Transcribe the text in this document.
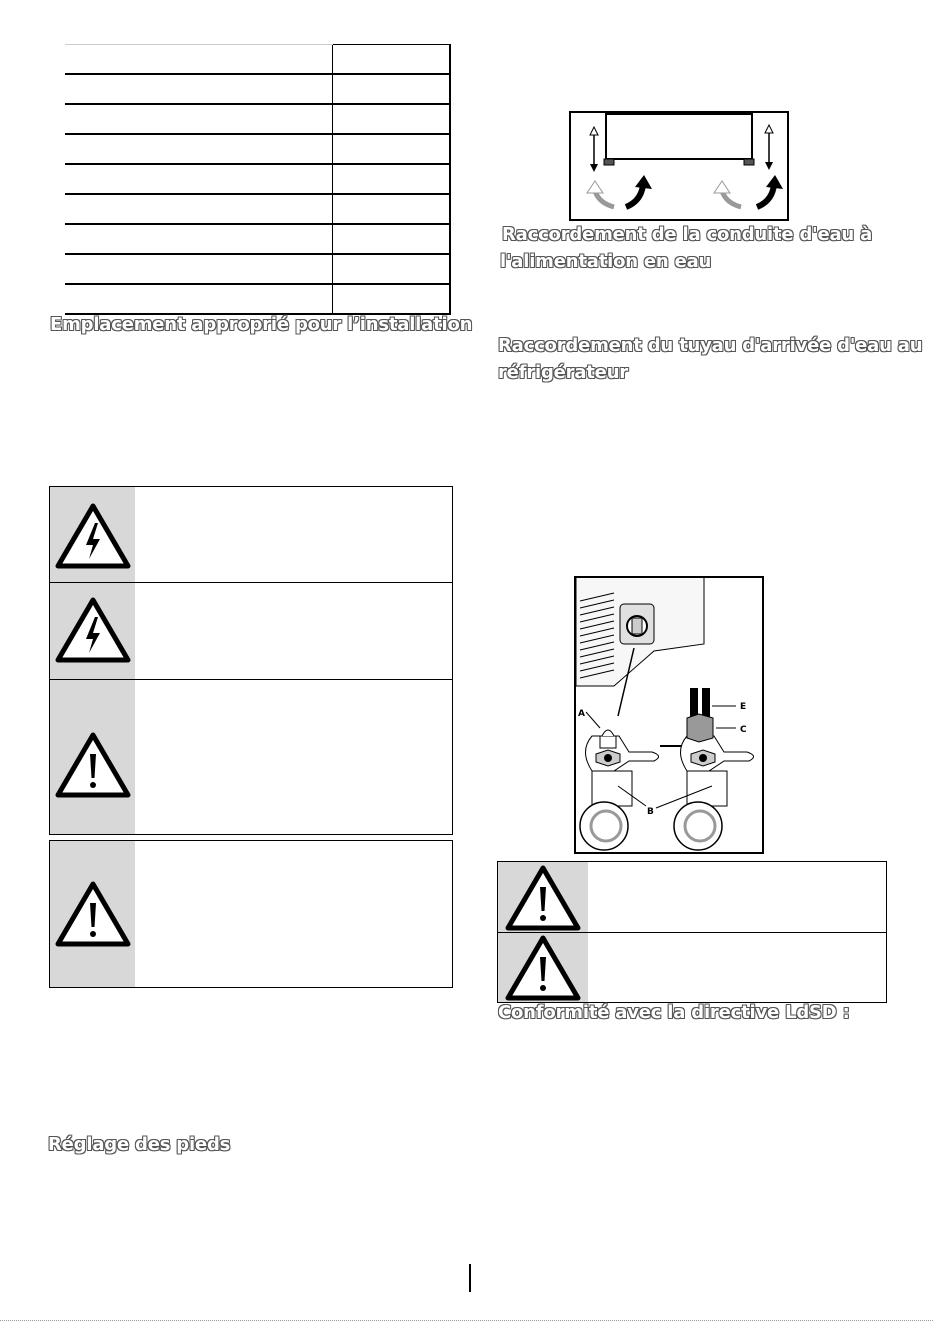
Emplacement approprié pour l’installation
Réglage des pieds
Raccordement de la conduite d'eau à
l'alimentation en eau
Raccordement du tuyau d'arrivée d'eau au
réfrigérateur
A
E
C
B
Conformité avec la directive LdSD :
